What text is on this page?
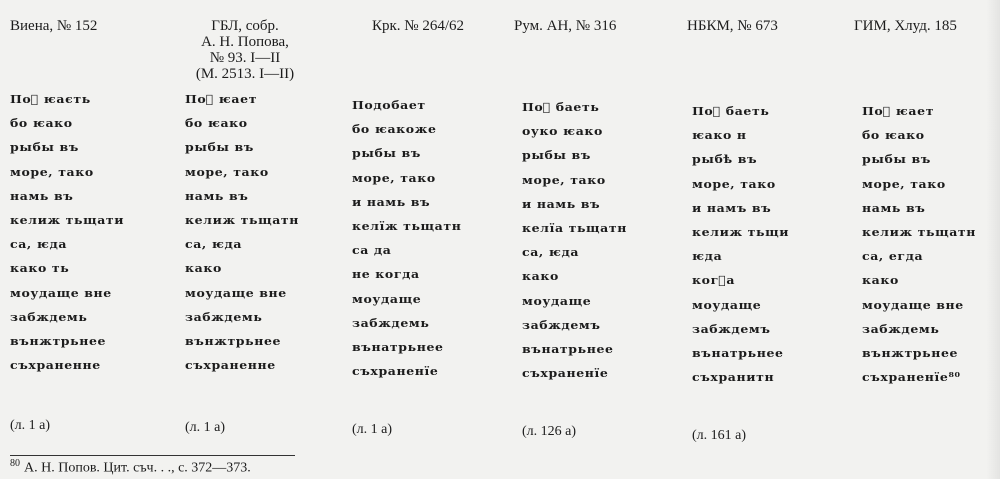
Виена, № 152
Поᷠ ѥаєть
бо ѥако
рыбы въ
море, тако
намь въ
келиж тьщати
са, ѥда
како ть
моудаще вне
забждемь
вънжтрьнее
съхраненне
(л. 1 а)
ГБЛ, собр.
А. Н. Попова,
№ 93. I—II
(М. 2513. I—II)
Поᷠ ѥает
бо ѥако
рыбы въ
море, тако
намь въ
келиж тьщатн
са, ѥда
како
моудаще вне
забждемь
вънжтрьнее
съхраненне
(л. 1 а)
Крк. № 264/62
Подобает
бо ѥакоже
рыбы въ
море, тако
и намь въ
келїж тьщатн
са да
не когда
моудаще
забждемь
вънатрьнее
съхраненїе
(л. 1 а)
Рум. АН, № 316
Поᷠ баеть
оуко ѥако
рыбы въ
море, тако
и намь въ
келїа тьщатн
са, ѥда
како
моудаще
забждемъ
вънатрьнее
съхраненїе
(л. 126 а)
НБКМ, № 673
Поᷠ баеть
ѥако н
рыбѣ въ
море, тако
и намъ въ
келиж тьщи
ѥда
когᷓа
моудаще
забждемъ
вънатрьнее
съхранитн
(л. 161 а)
ГИМ, Хлуд. 185
Поᷠ ѥает
бо ѥако
рыбы въ
море, тако
намь въ
келиж тьщатн
са, егда
како
моудаще вне
забждемь
вънжтрьнее
съхраненїе⁸⁰
$^{80}$ А. Н. Попов. Цит. съч. . ., с. 372—373.
